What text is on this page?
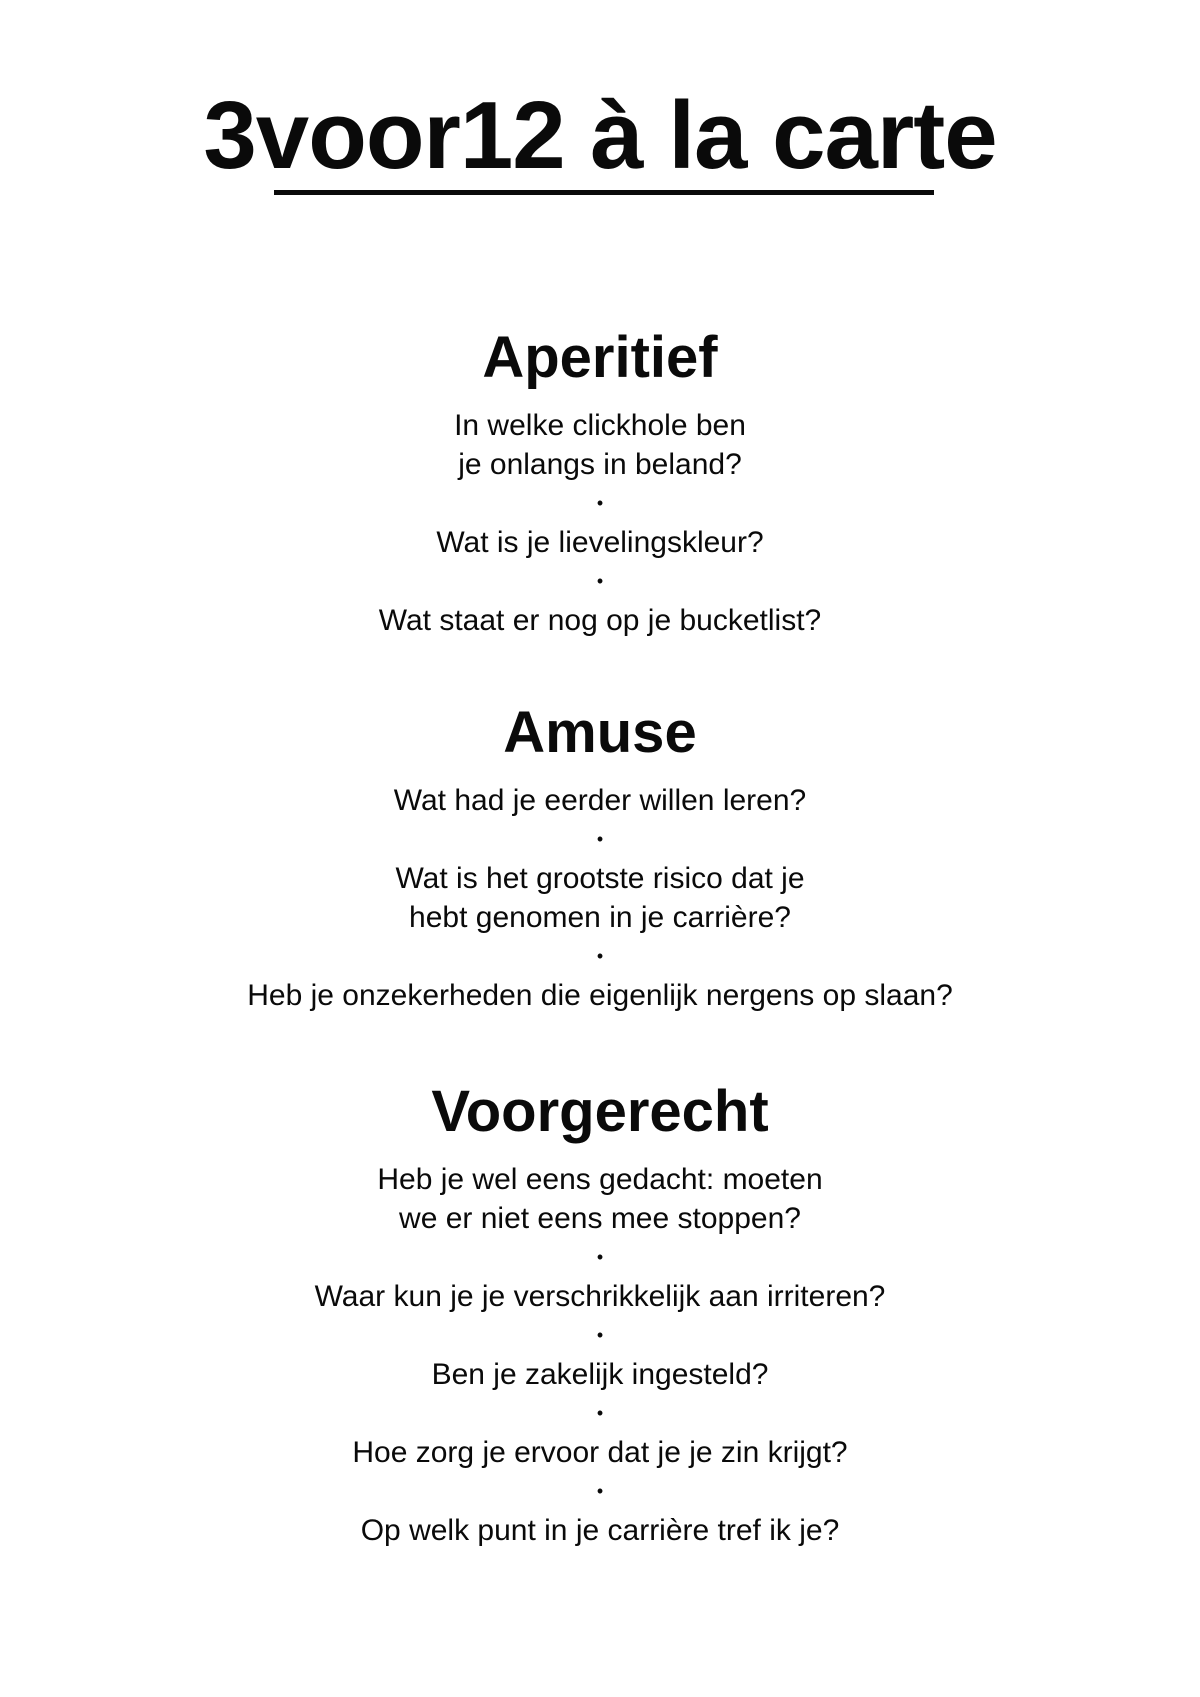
3voor12 à la carte
Aperitief

In welke clickhole ben
je onlangs in beland?

•

Wat is je lievelingskleur?

•

Wat staat er nog op je bucketlist?

Amuse

Wat had je eerder willen leren?

•

Wat is het grootste risico dat je
hebt genomen in je carrière?

•

Heb je onzekerheden die eigenlijk nergens op slaan?

Voorgerecht

Heb je wel eens gedacht: moeten
we er niet eens mee stoppen?

•

Waar kun je je verschrikkelijk aan irriteren?

•

Ben je zakelijk ingesteld?

•

Hoe zorg je ervoor dat je je zin krijgt?

•

Op welk punt in je carrière tref ik je?
